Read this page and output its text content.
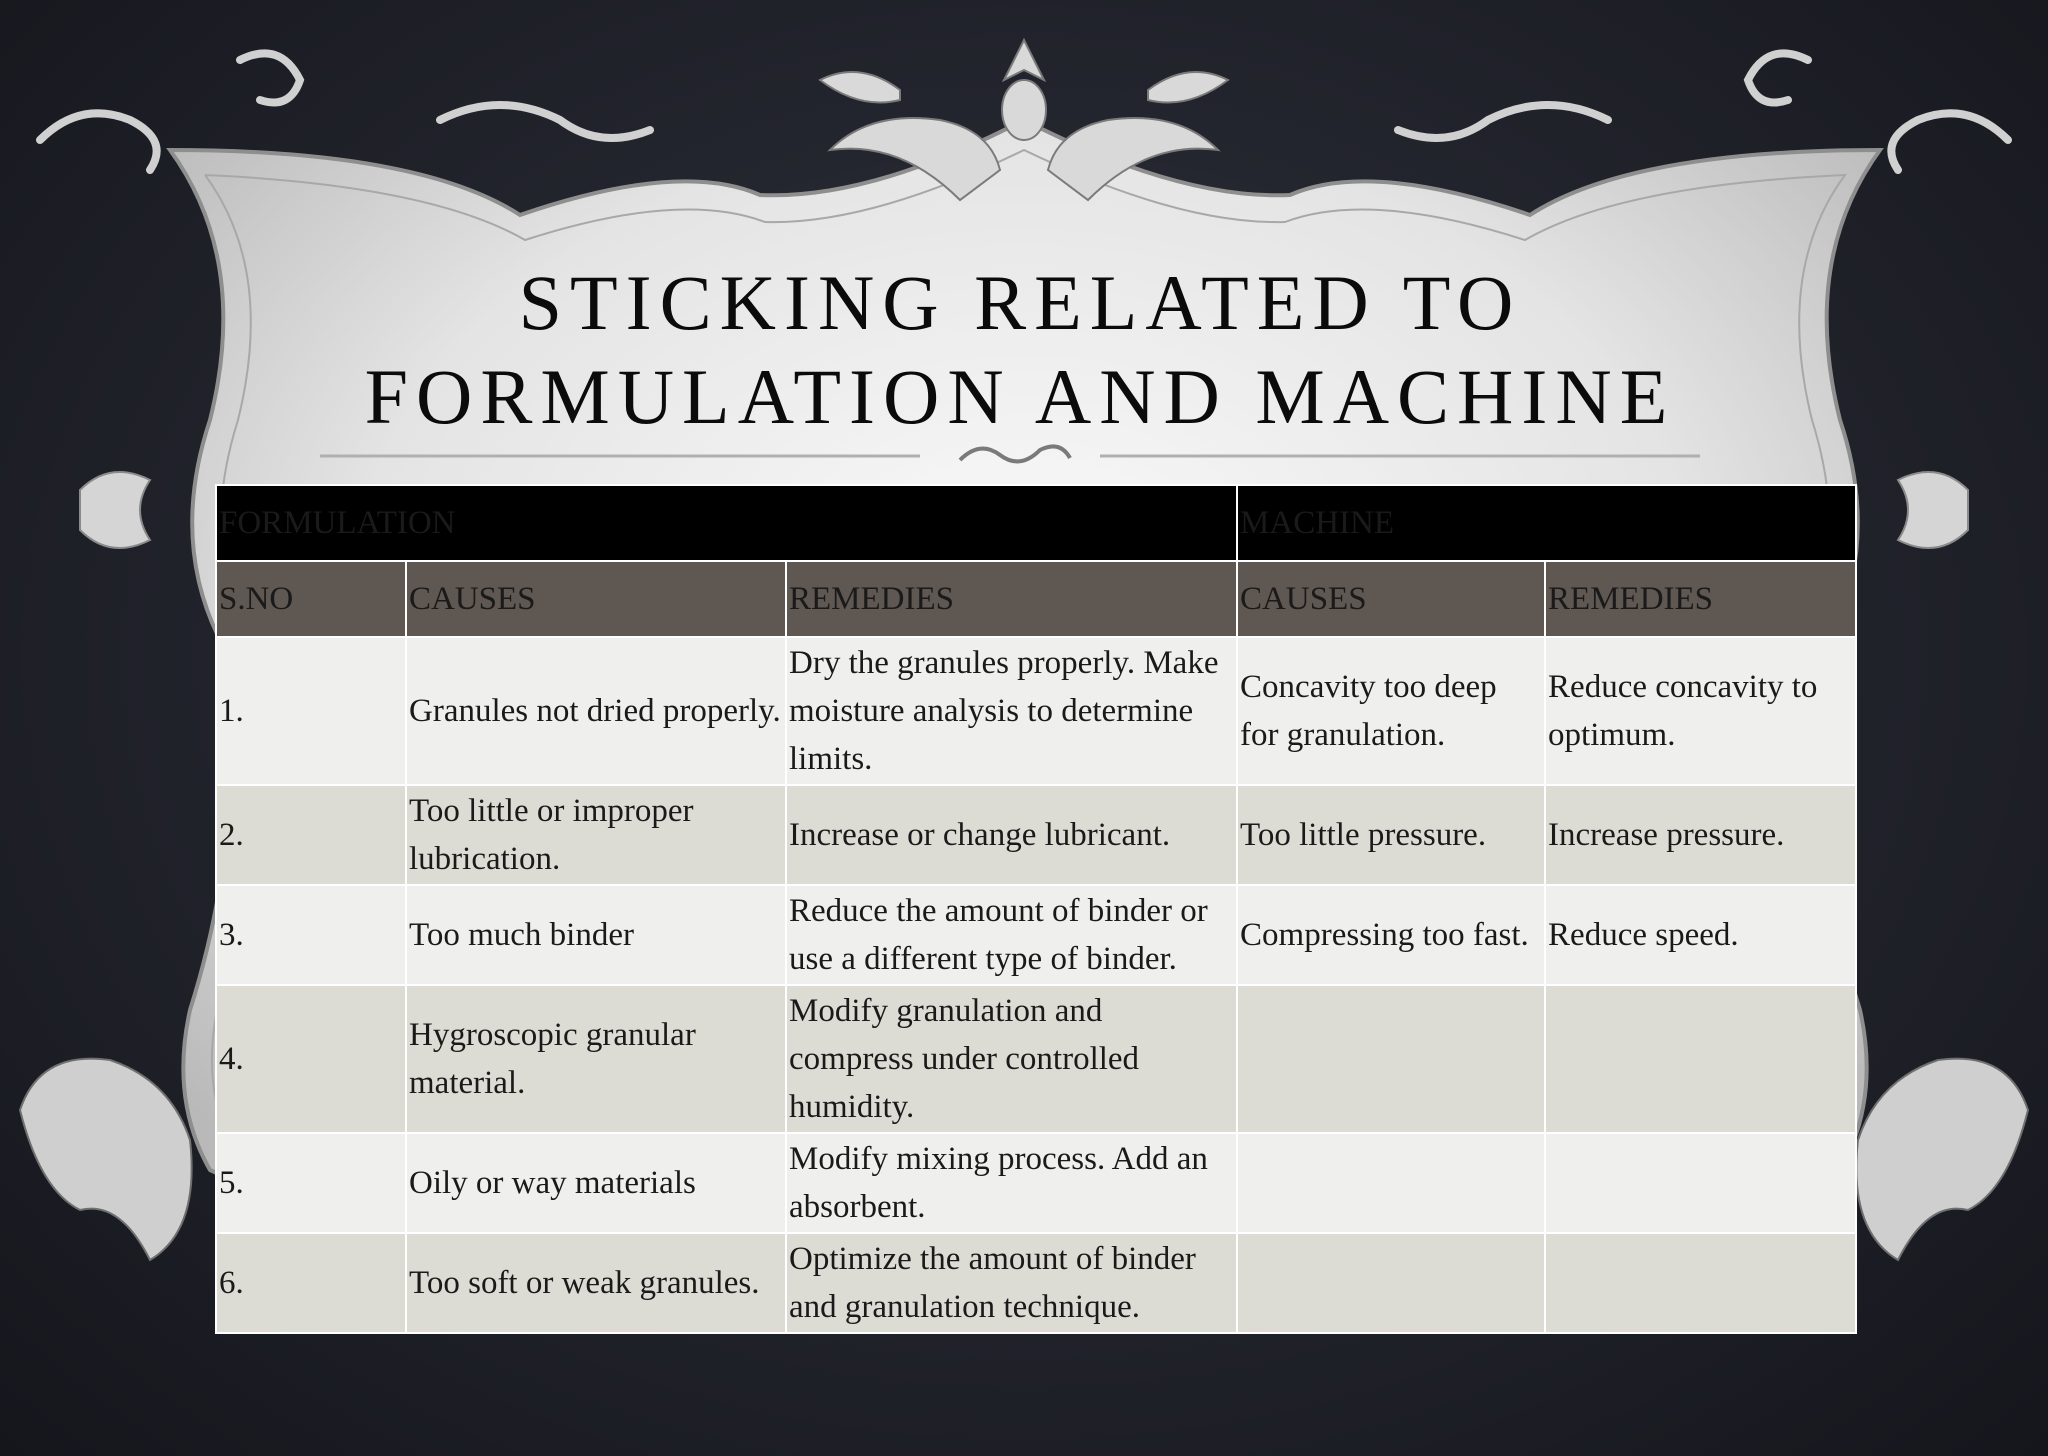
STICKING RELATED TO
FORMULATION AND MACHINE
FORMULATION			MACHINE	
S.NO	CAUSES	REMEDIES	CAUSES	REMEDIES
1.	Granules not dried properly.	Dry the granules properly. Make moisture analysis to determine limits.	Concavity too deep for granulation.	Reduce concavity to optimum.
2.	Too little or improper lubrication.	Increase or change lubricant.	Too little pressure.	Increase pressure.
3.	Too much binder	Reduce the amount of binder or use a different type of binder.	Compressing too fast.	Reduce speed.
4.	Hygroscopic granular material.	Modify granulation and compress under controlled humidity.		
5.	Oily or way materials	Modify mixing process. Add an absorbent.		
6.	Too soft or weak granules.	Optimize the amount of binder and granulation technique.		
